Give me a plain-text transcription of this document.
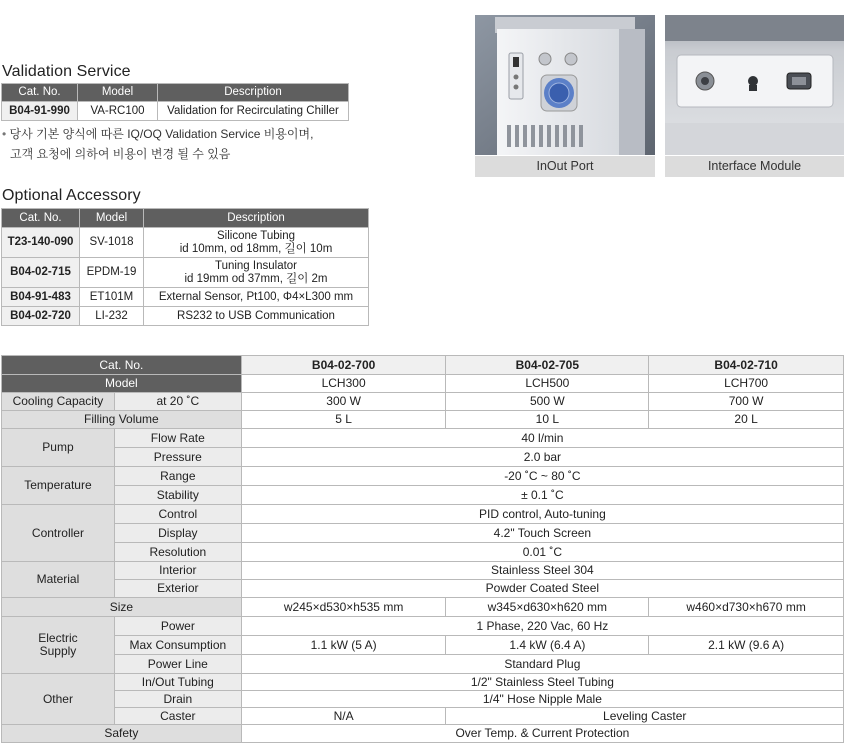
Validation Service
Cat. No.	Model	Description
B04-91-990	VA-RC100	Validation for Recirculating Chiller
• 당사 기본 양식에 따른 IQ/OQ Validation Service 비용이며,
고객 요청에 의하여 비용이 변경 될 수 있음
Optional Accessory
Cat. No.	Model	Description
T23-140-090	SV-1018	Silicone Tubing
id 10mm, od 18mm, 길이 10m

B04-02-715	EPDM-19	Tuning Insulator
id 19mm od 37mm, 길이 2m

B04-91-483	ET101M	External Sensor, Pt100, Φ4×L300 mm
B04-02-720	LI-232	RS232 to USB Communication
InOut Port	Interface Module
Cat. No.		B04-02-700	B04-02-705	B04-02-710
Model		LCH300	LCH500	LCH700
Cooling Capacity	at 20 ˚C	300 W	500 W	700 W
Filling Volume		5 L	10 L	20 L
Pump	Flow Rate	40 l/min		
	Pressure	2.0 bar		
Temperature	Range	-20 ˚C ~ 80 ˚C		
	Stability	± 0.1 ˚C		
Controller	Control	PID control, Auto-tuning		
	Display	4.2" Touch Screen		
	Resolution	0.01 ˚C		
Material	Interior	Stainless Steel 304		
	Exterior	Powder Coated Steel		
Size		w245×d530×h535 mm	w345×d630×h620 mm	w460×d730×h670 mm

Electric
Supply	Power	1 Phase, 220 Vac, 60 Hz		
	Max Consumption	1.1 kW (5 A)	1.4 kW (6.4 A)	2.1 kW (9.6 A)
	Power Line	Standard Plug		
Other	In/Out Tubing	1/2" Stainless Steel Tubing		
	Drain	1/4" Hose Nipple Male		
	Caster	N/A	Leveling Caster	
Safety		Over Temp. & Current Protection		
